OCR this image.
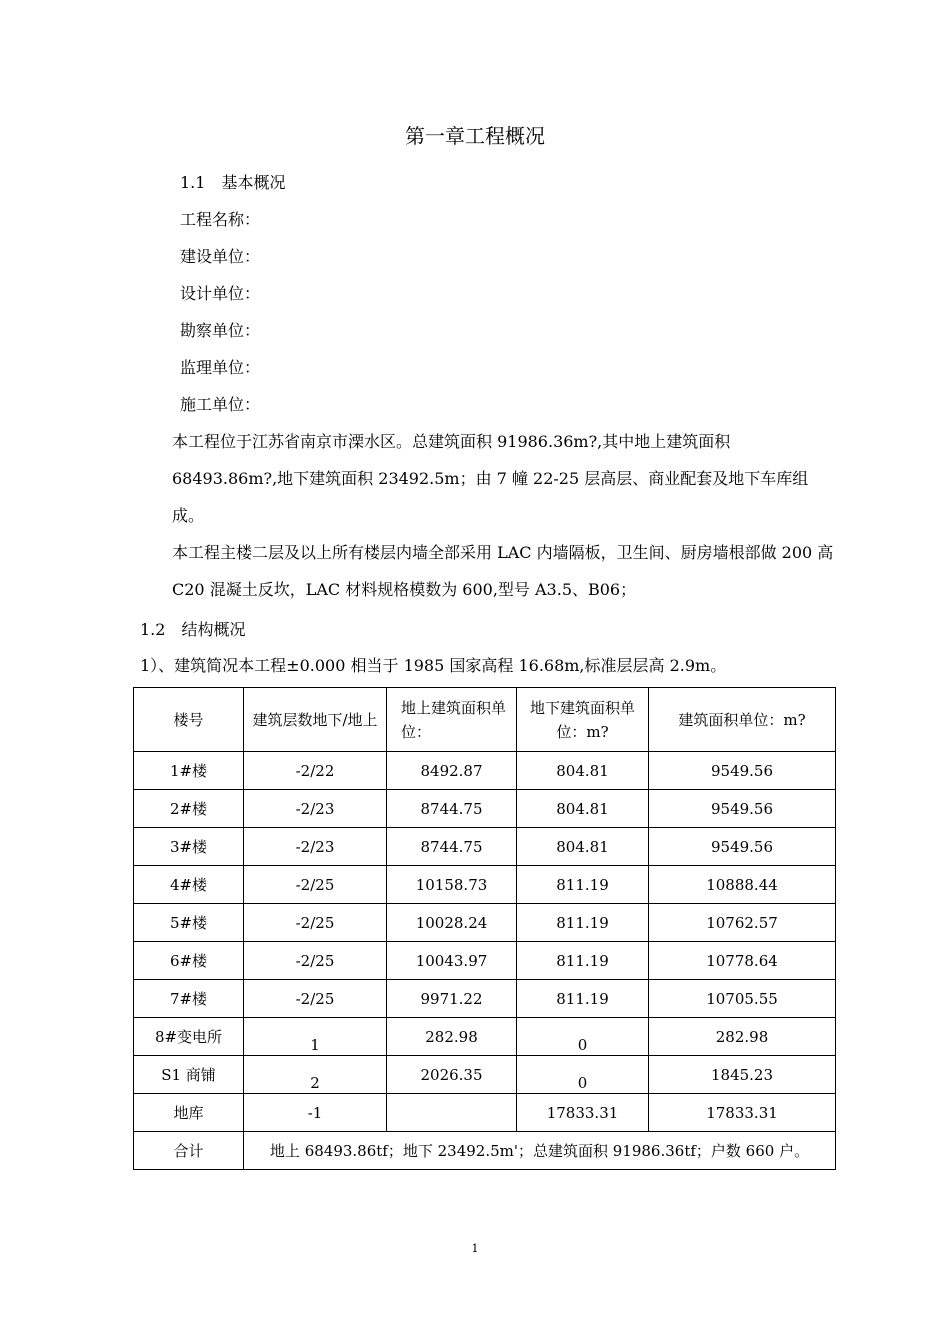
第一章工程概况
1.1　基本概况
工程名称：
建设单位：
设计单位：
勘察单位：
监理单位：
施工单位：
本工程位于江苏省南京市溧水区。总建筑面积 91986.36m?,其中地上建筑面积 68493.86m?,地下建筑面积 23492.5m；由 7 幢 22-25 层高层、商业配套及地下车库组成。
本工程主楼二层及以上所有楼层内墙全部采用 LAC 内墙隔板，卫生间、厨房墙根部做 200 高 C20 混凝土反坎，LAC 材料规格模数为 600,型号 A3.5、B06；
1.2　结构概况
1）、建筑简况本工程±0.000 相当于 1985 国家高程 16.68m,标准层层高 2.9m。
楼号	建筑层数地下/地上	地上建筑面积单位：	地下建筑面积单位：m?	建筑面积单位：m?
1#楼	-2/22	8492.87	804.81	9549.56
2#楼	-2/23	8744.75	804.81	9549.56
3#楼	-2/23	8744.75	804.81	9549.56
4#楼	-2/25	10158.73	811.19	10888.44
5#楼	-2/25	10028.24	811.19	10762.57
6#楼	-2/25	10043.97	811.19	10778.64
7#楼	-2/25	9971.22	811.19	10705.55
8#变电所	1	282.98	0	282.98
S1 商铺	2	2026.35	0	1845.23
地库	-1		17833.31	17833.31
合计	地上 68493.86tf；地下 23492.5m'；总建筑面积 91986.36tf；户数 660 户。			
1
